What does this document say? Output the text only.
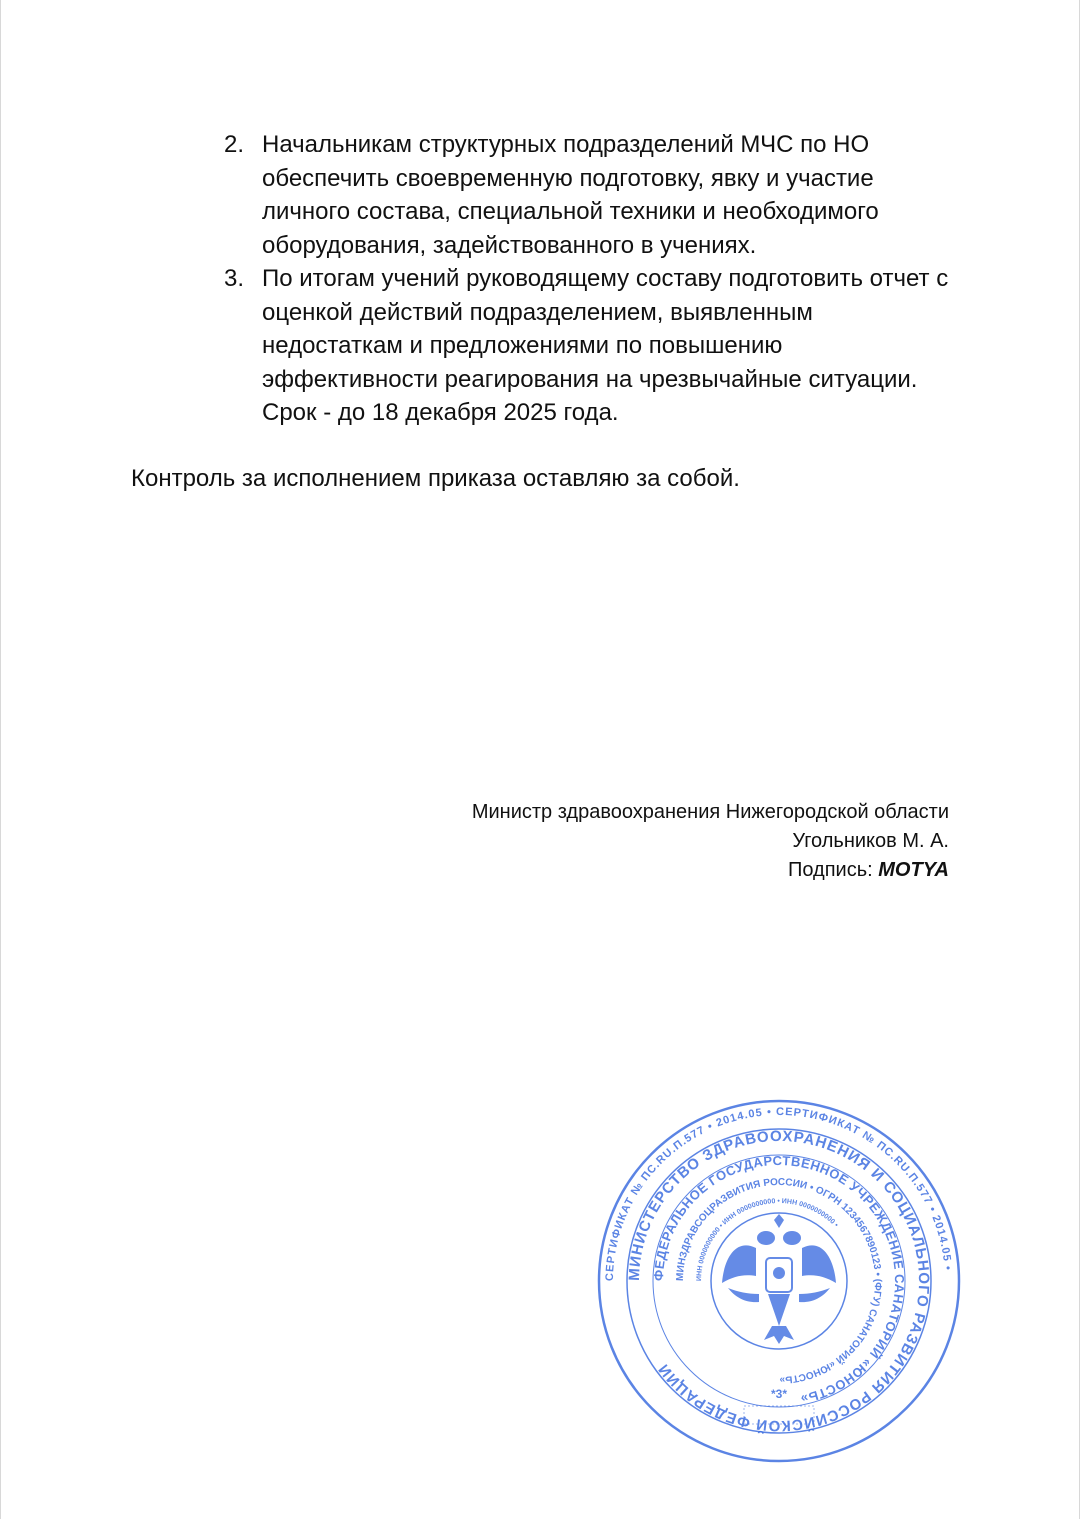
2. Начальникам структурных подразделений МЧС по НО обеспечить своевременную подготовку, явку и участие личного состава, специальной техники и необходимого оборудования, задействованного в учениях.
3. По итогам учений руководящему составу подготовить отчет с оценкой действий подразделением, выявленным недостаткам и предложениями по повышению эффективности реагирования на чрезвычайные ситуации. Срок - до 18 декабря 2025 года.

Контроль за исполнением приказа оставляю за собой.

Министр здравоохранения Нижегородской области

Угольников М. А.

Подпись: MOTYA

СЕРТИФИКАТ № ПС.RU.П.577 • 2014.05 • СЕРТИФИКАТ № ПС.RU.П.577 • 2014.05 •
МИНИСТЕРСТВО ЗДРАВООХРАНЕНИЯ И СОЦИАЛЬНОГО РАЗВИТИЯ РОССИЙСКОЙ ФЕДЕРАЦИИ
ФЕДЕРАЛЬНОЕ ГОСУДАРСТВЕННОЕ УЧРЕЖДЕНИЕ САНАТОРИЙ «ЮНОСТЬ»
МИНЗДРАВСОЦРАЗВИТИЯ РОССИИ • ОГРН 1234567890123 • (ФГУ) САНАТОРИЙ «ЮНОСТЬ»
ИНН 0000000000 • ИНН 0000000000 • ИНН 0000000000 •
*3*
